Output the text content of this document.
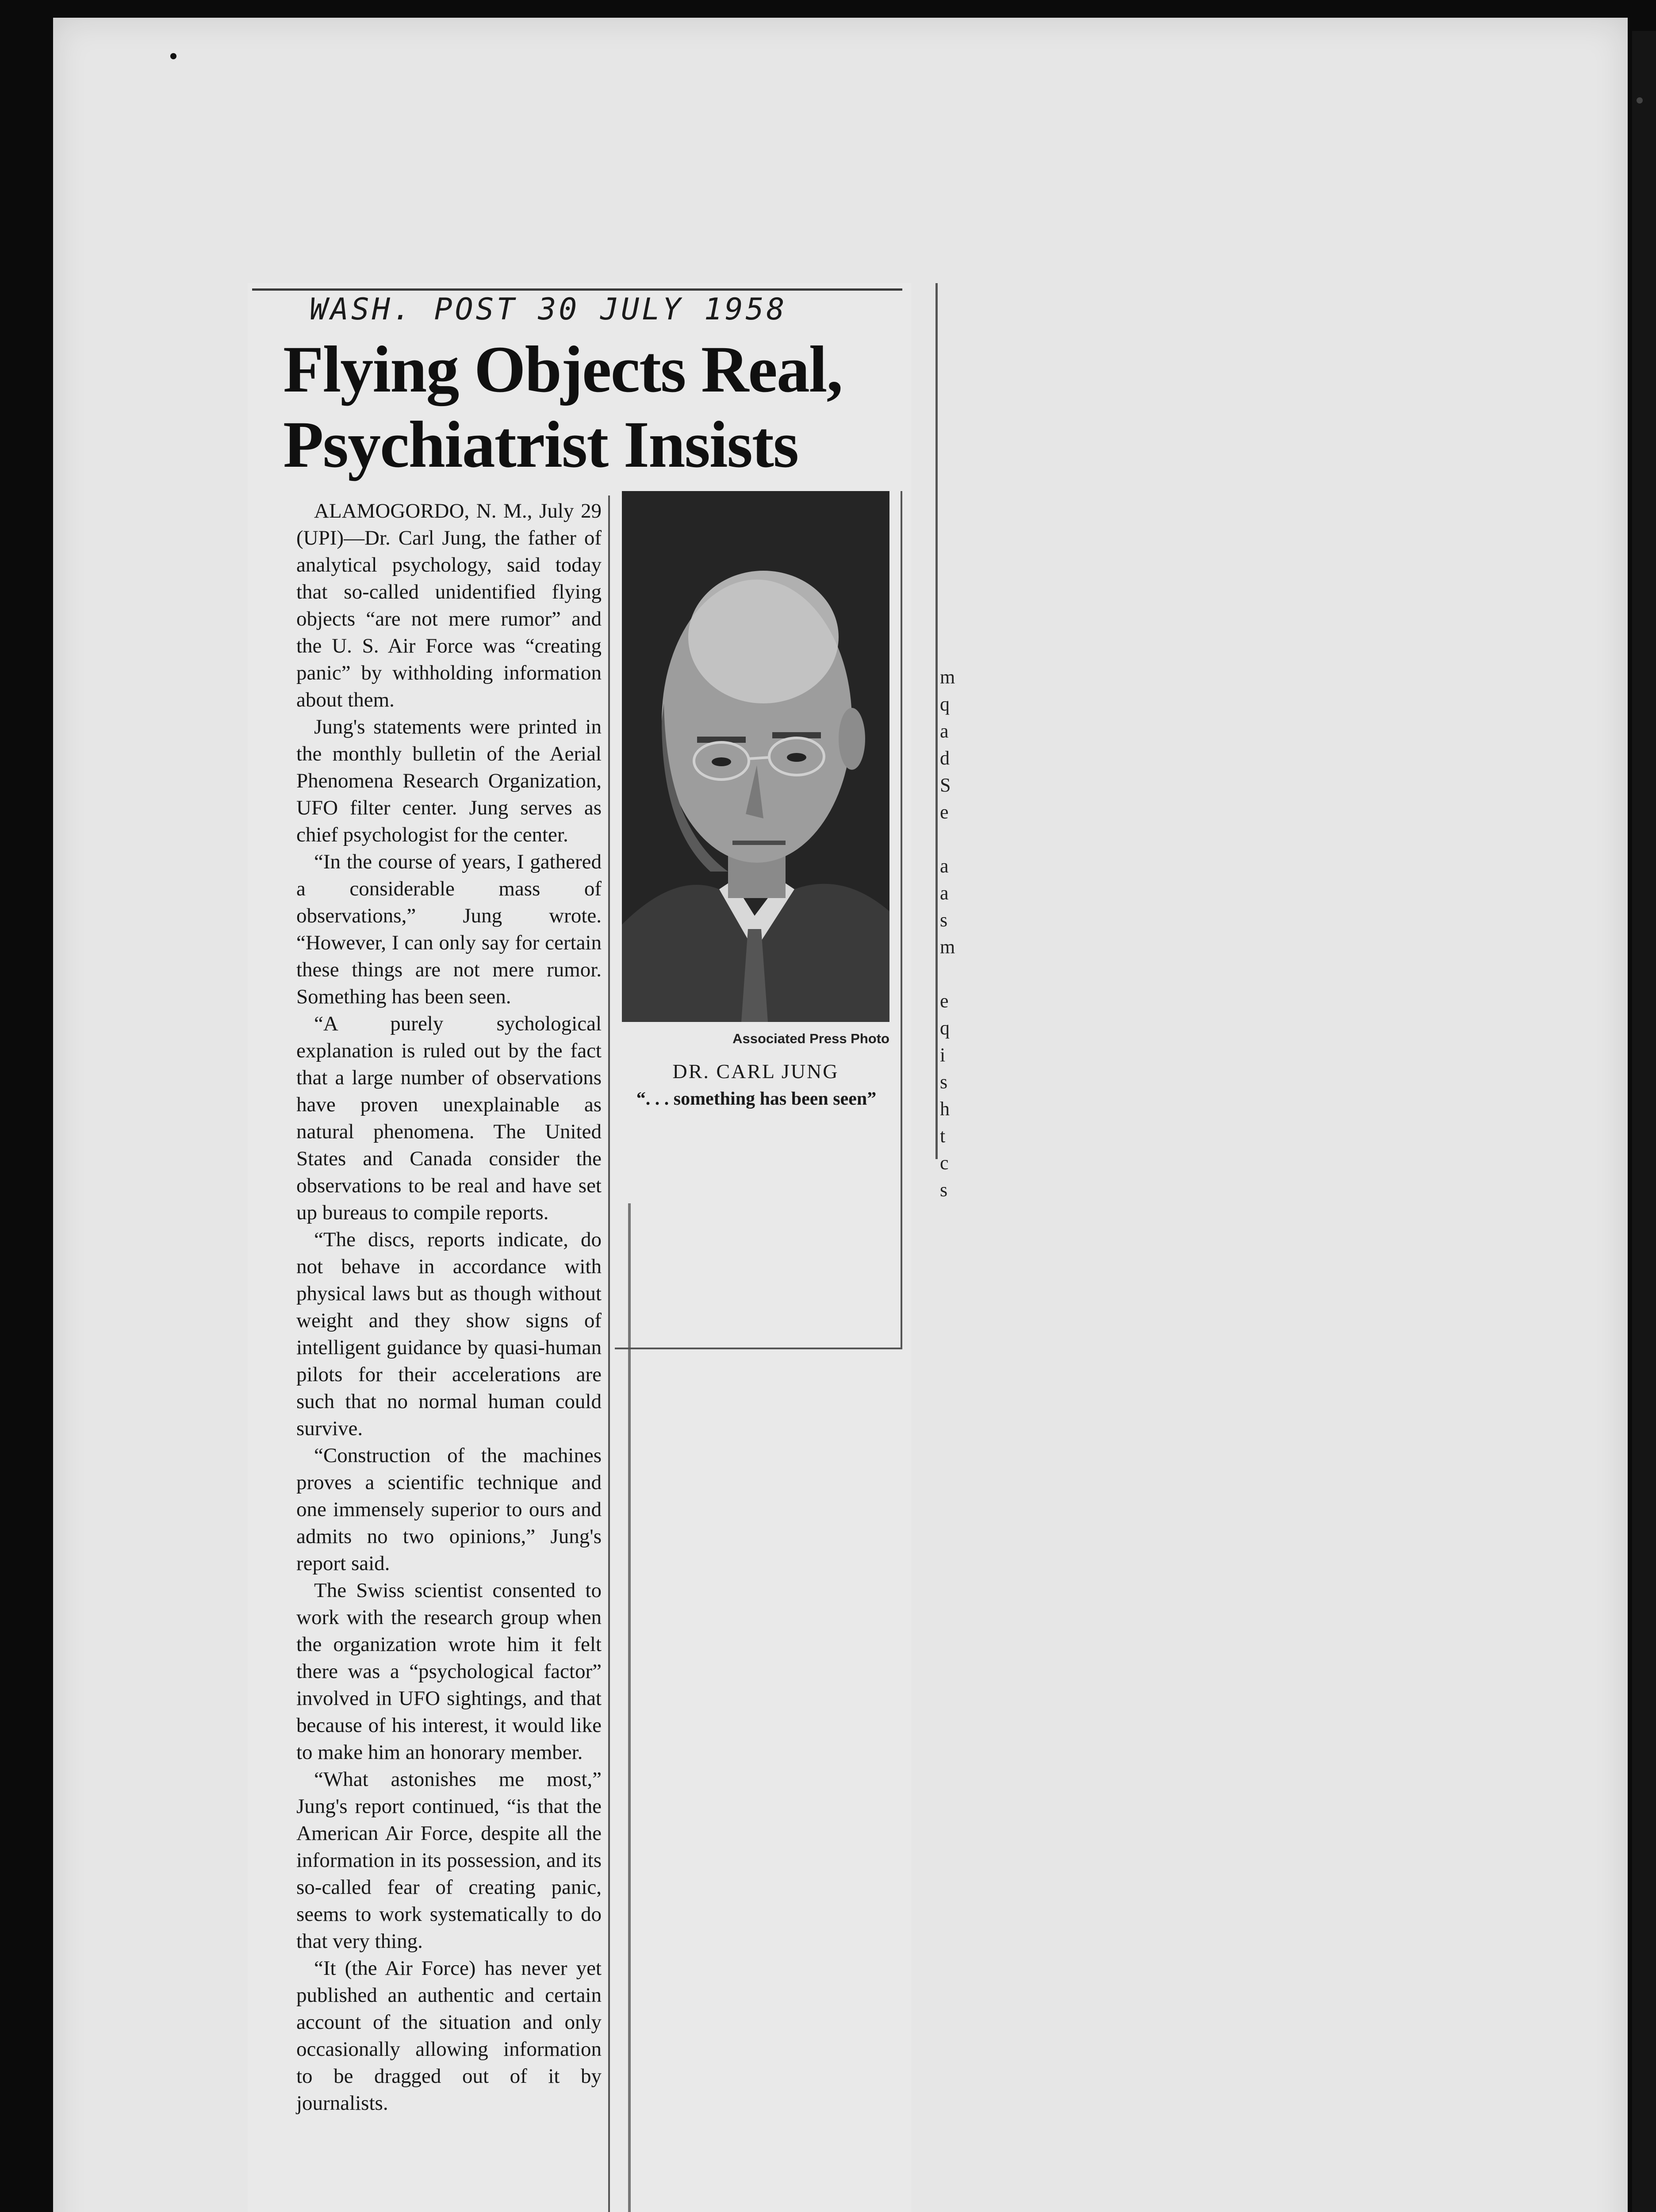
WASH. POST 30 JULY 1958
Flying Objects Real,
Psychiatrist Insists

ALAMOGORDO, N. M., July 29 (UPI)—Dr. Carl Jung, the father of analytical psychology, said today that so-called unidentified flying objects “are not mere rumor” and the U. S. Air Force was “creating panic” by withholding information about them.

Jung's statements were printed in the monthly bulletin of the Aerial Phenomena Research Organization, UFO filter center. Jung serves as chief psychologist for the center.

“In the course of years, I gathered a considerable mass of observations,” Jung wrote. “However, I can only say for certain these things are not mere rumor. Something has been seen.

“A purely sychological explanation is ruled out by the fact that a large number of observations have proven unexplainable as natural phenomena. The United States and Canada consider the observations to be real and have set up bureaus to compile reports.

“The discs, reports indicate, do not behave in accordance with physical laws but as though without weight and they show signs of intelligent guidance by quasi-human pilots for their accelerations are such that no normal human could survive.

“Construction of the machines proves a scientific technique and one immensely superior to ours and admits no two opinions,” Jung's report said.

The Swiss scientist consented to work with the research group when the organization wrote him it felt there was a “psychological factor” involved in UFO sightings, and that because of his interest, it would like to make him an honorary member.

“What astonishes me most,” Jung's report continued, “is that the American Air Force, despite all the information in its possession, and its so-called fear of creating panic, seems to work systematically to do that very thing.

“It (the Air Force) has never yet published an authentic and certain account of the situation and only occasionally allowing information to be dragged out of it by journalists.

Associated Press Photo
DR. CARL JUNG
“. . . something has been seen”
m
q
a
d
S
e
a
a
s
m
e
q
i
s
h
t
c
s
